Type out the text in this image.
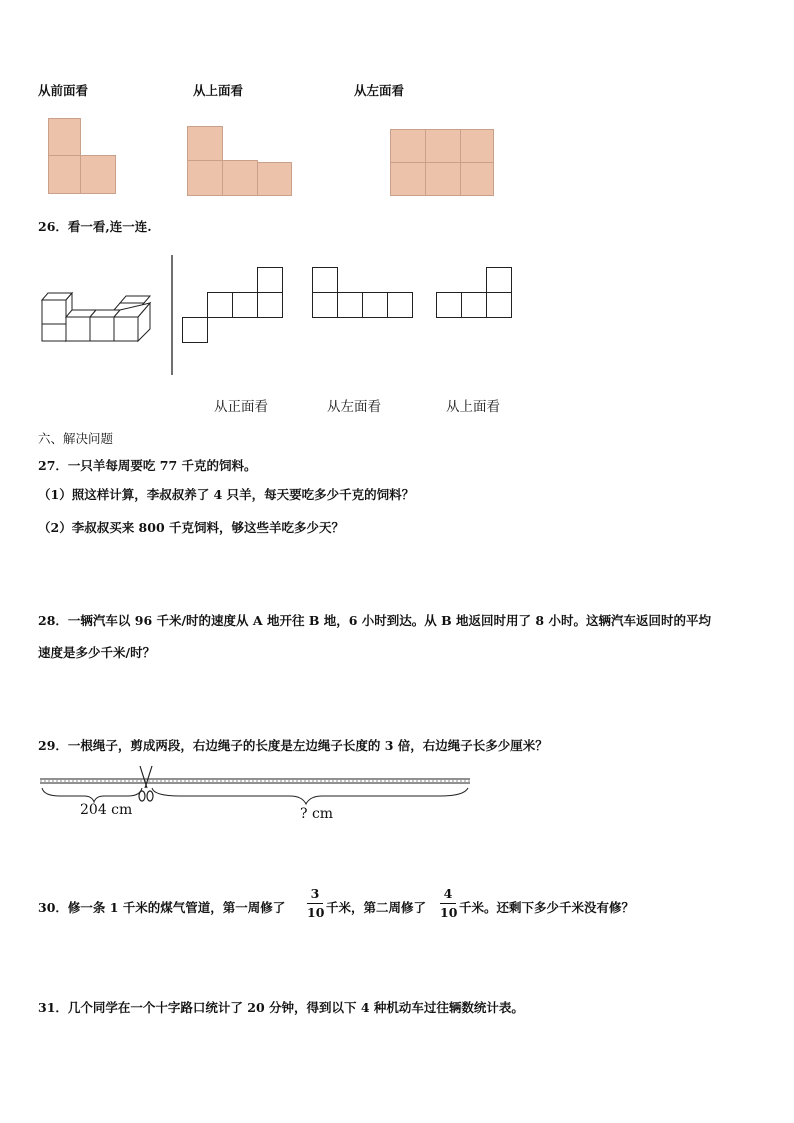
从前面看	从上面看	从左面看
26．看一看,连一连.
从正面看	从左面看	从上面看
六、解决问题
27．一只羊每周要吃 77 千克的饲料。
（1）照这样计算，李叔叔养了 4 只羊，每天要吃多少千克的饲料？
（2）李叔叔买来 800 千克饲料，够这些羊吃多少天？
28．一辆汽车以 96 千米/时的速度从 A 地开往 B 地，6 小时到达。从 B 地返回时用了 8 小时。这辆汽车返回时的平均
速度是多少千米/时？
29．一根绳子，剪成两段，右边绳子的长度是左边绳子长度的 3 倍，右边绳子长多少厘米？
204 cm	? cm
30．修一条 1 千米的煤气管道，第一周修了 $\frac{3}{10}$ 千米，第二周修了 $\frac{4}{10}$ 千米。还剩下多少千米没有修？
31．几个同学在一个十字路口统计了 20 分钟，得到以下 4 种机动车过往辆数统计表。
